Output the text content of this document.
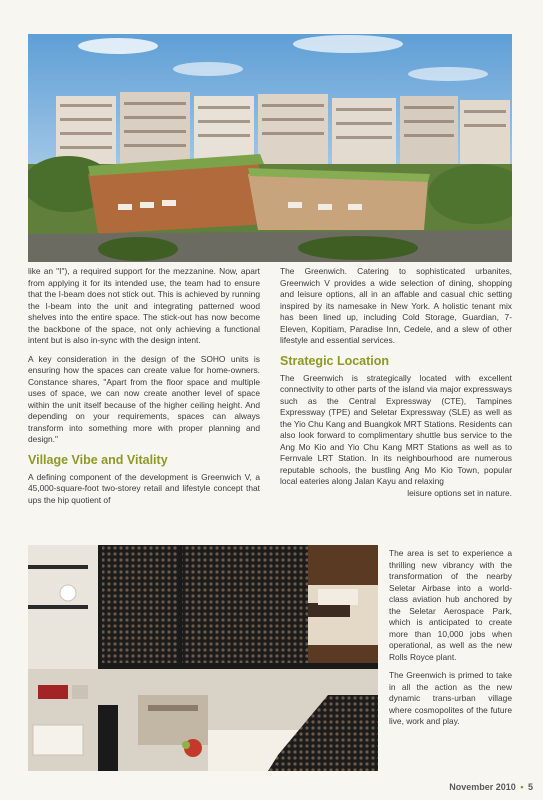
like an "I"), a required support for the mezzanine. Now, apart from applying it for its intended use, the team had to ensure that the I-beam does not stick out. This is achieved by running the I-beam into the unit and integrating patterned wood shelves into the entire space. The stick-out has now become the backbone of the space, not only achieving a functional intent but is also in-sync with the design intent.

A key consideration in the design of the SOHO units is ensuring how the spaces can create value for home-owners. Constance shares, "Apart from the floor space and multiple uses of space, we can now create another level of space within the unit itself because of the higher ceiling height. And depending on your requirements, spaces can always transform into something more with proper planning and design."

Village Vibe and Vitality

A defining component of the development is Greenwich V, a 45,000-square-foot two-storey retail and lifestyle concept that ups the hip quotient of

The Greenwich. Catering to sophisticated urbanites, Greenwich V provides a wide selection of dining, shopping and leisure options, all in an affable and casual chic setting inspired by its namesake in New York. A holistic tenant mix has been lined up, including Cold Storage, Guardian, 7-Eleven, Kopitiam, Paradise Inn, Cedele, and a slew of other lifestyle and essential services.

Strategic Location

The Greenwich is strategically located with excellent connectivity to other parts of the island via major expressways such as the Central Expressway (CTE), Tampines Expressway (TPE) and Seletar Expressway (SLE) as well as the Yio Chu Kang and Buangkok MRT Stations. Residents can also look forward to complimentary shuttle bus service to the Ang Mo Kio and Yio Chu Kang MRT Stations as well as to Fernvale LRT Station. In its neighbourhood are numerous reputable schools, the bustling Ang Mo Kio Town, popular local eateries along Jalan Kayu and relaxing

leisure options set in nature.

The area is set to experience a thrilling new vibrancy with the transformation of the nearby Seletar Airbase into a world-class aviation hub anchored by the Seletar Aerospace Park, which is anticipated to create more than 10,000 jobs when operational, as well as the new Rolls Royce plant.

The Greenwich is primed to take in all the action as the new dynamic trans-urban village where cosmopolites of the future live, work and play.

November 2010 • 5
